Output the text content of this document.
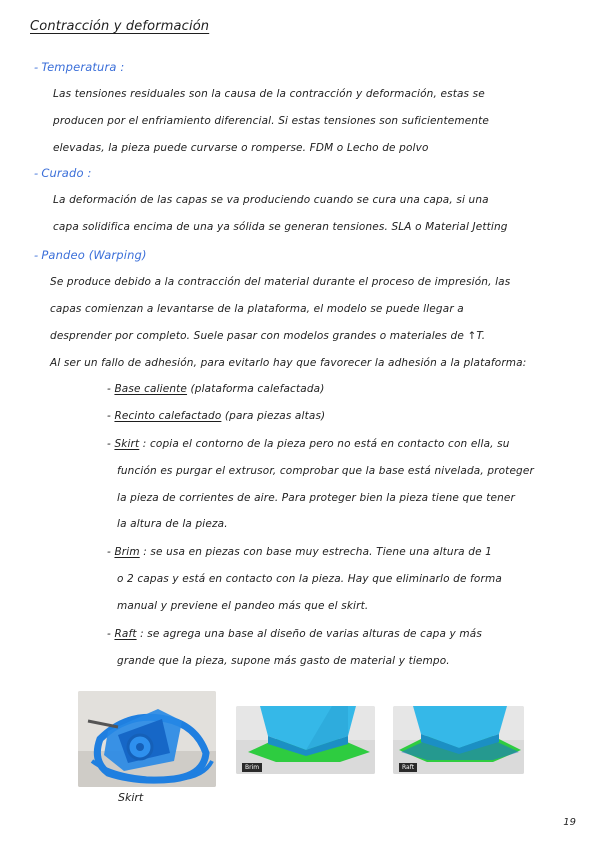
Contracción y deformación
- Temperatura :
Las tensiones residuales son la causa de la contracción y deformación, estas se
producen por el enfriamiento diferencial. Si estas tensiones son suficientemente
elevadas, la pieza puede curvarse o romperse. FDM o Lecho de polvo
- Curado :
La deformación de las capas se va produciendo cuando se cura una capa, si una
capa solidifica encima de una ya sólida se generan tensiones. SLA o Material Jetting
- Pandeo (Warping)
Se produce debido a la contracción del material durante el proceso de impresión, las
capas comienzan a levantarse de la plataforma, el modelo se puede llegar a
desprender por completo. Suele pasar con modelos grandes o materiales de ↑T.
Al ser un fallo de adhesión, para evitarlo hay que favorecer la adhesión a la plataforma:
- Base caliente (plataforma calefactada)
- Recinto calefactado (para piezas altas)
- Skirt : copia el contorno de la pieza pero no está en contacto con ella, su
función es purgar el extrusor, comprobar que la base está nivelada, proteger
la pieza de corrientes de aire. Para proteger bien la pieza tiene que tener
la altura de la pieza.
- Brim : se usa en piezas con base muy estrecha. Tiene una altura de 1
o 2 capas y está en contacto con la pieza. Hay que eliminarlo de forma
manual y previene el pandeo más que el skirt.
- Raft : se agrega una base al diseño de varias alturas de capa y más
grande que la pieza, supone más gasto de material y tiempo.
Skirt
Brim	Raft
19
